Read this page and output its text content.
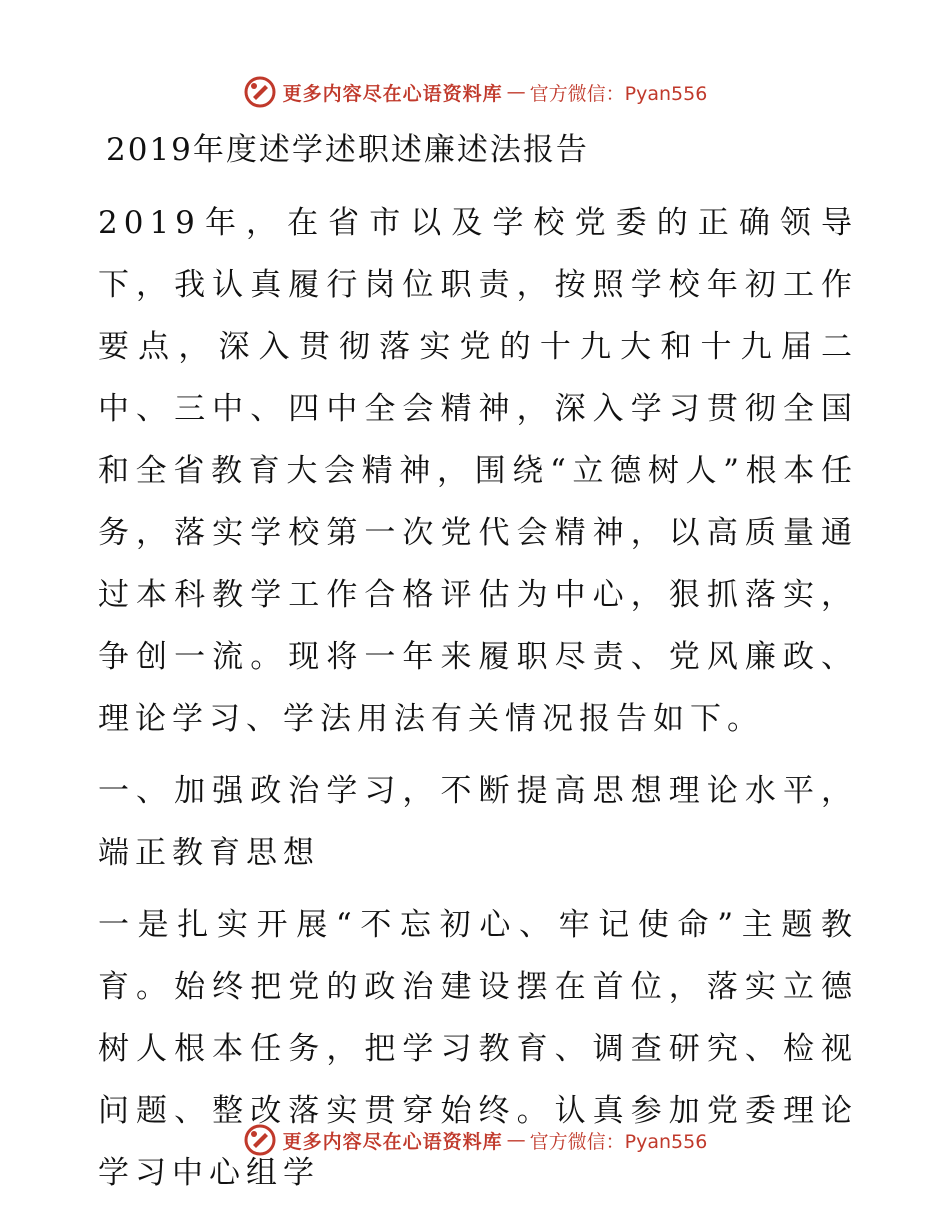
更多内容尽在心语资料库 — 官方微信：Pyan556
2019年度述学述职述廉述法报告

2019年，在省市以及学校党委的正确领导下，我认真履行岗位职责，按照学校年初工作要点，深入贯彻落实党的十九大和十九届二中、三中、四中全会精神，深入学习贯彻全国和全省教育大会精神，围绕“立德树人”根本任务，落实学校第一次党代会精神，以高质量通过本科教学工作合格评估为中心，狠抓落实，争创一流。现将一年来履职尽责、党风廉政、理论学习、学法用法有关情况报告如下。

一、加强政治学习，不断提高思想理论水平，端正教育思想

一是扎实开展“不忘初心、牢记使命”主题教育。始终把党的政治建设摆在首位，落实立德树人根本任务，把学习教育、调查研究、检视问题、整改落实贯穿始终。认真参加党委理论学习中心组学

更多内容尽在心语资料库 — 官方微信：Pyan556
